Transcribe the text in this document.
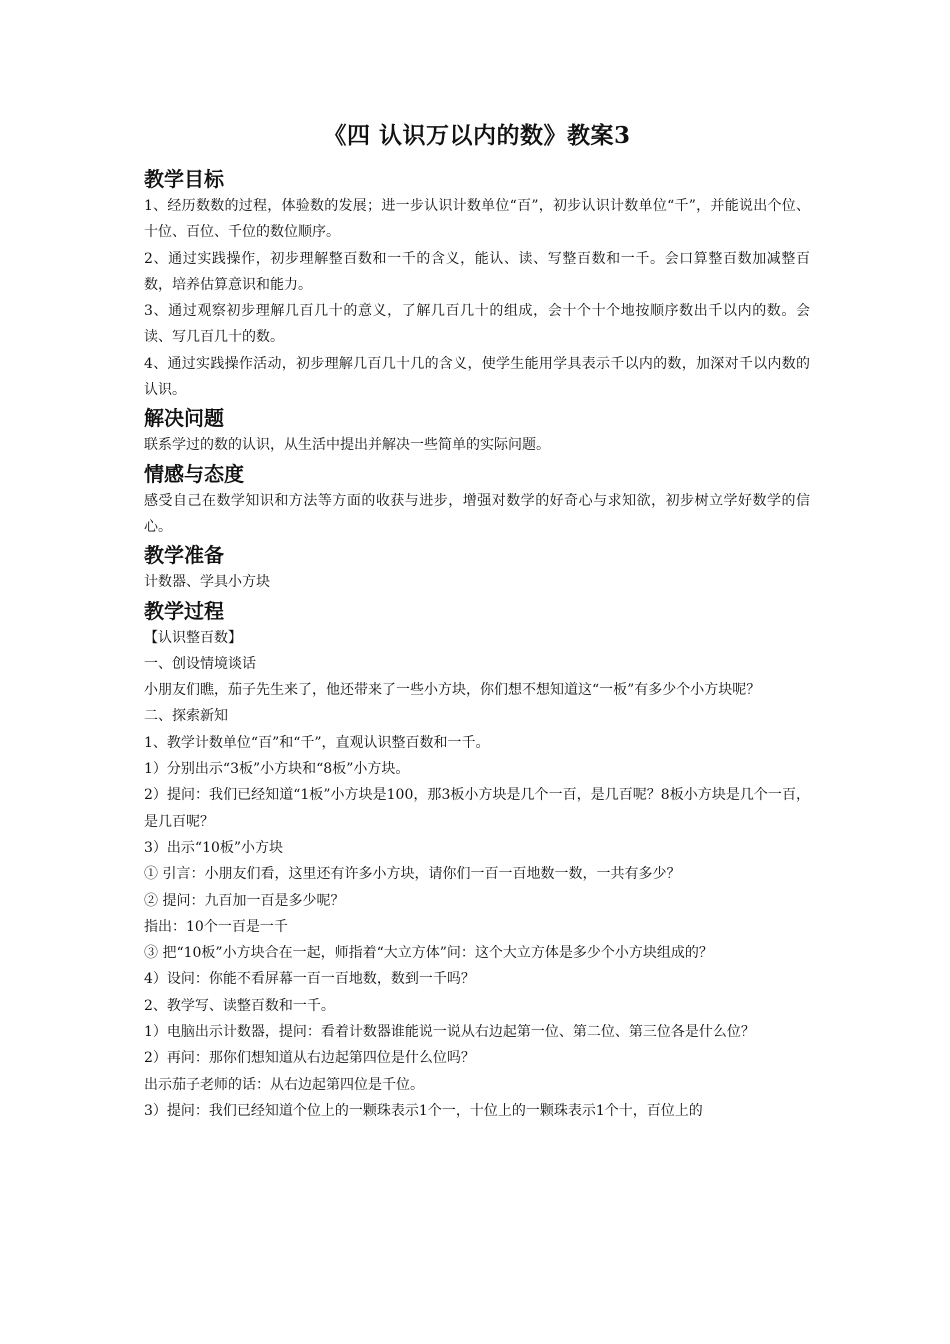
《四 认识万以内的数》教案3
教学目标

1、经历数数的过程，体验数的发展；进一步认识计数单位“百”，初步认识计数单位“千”，并能说出个位、十位、百位、千位的数位顺序。

2、通过实践操作，初步理解整百数和一千的含义，能认、读、写整百数和一千。会口算整百数加减整百数，培养估算意识和能力。

3、通过观察初步理解几百几十的意义，了解几百几十的组成，会十个十个地按顺序数出千以内的数。会读、写几百几十的数。

4、通过实践操作活动，初步理解几百几十几的含义，使学生能用学具表示千以内的数，加深对千以内数的认识。

解决问题

联系学过的数的认识，从生活中提出并解决一些简单的实际问题。

情感与态度

感受自己在数学知识和方法等方面的收获与进步，增强对数学的好奇心与求知欲，初步树立学好数学的信心。

教学准备

计数器、学具小方块

教学过程

【认识整百数】

一、创设情境谈话

小朋友们瞧，茄子先生来了，他还带来了一些小方块，你们想不想知道这“一板”有多少个小方块呢？

二、探索新知

1、教学计数单位“百”和“千”，直观认识整百数和一千。

1）分别出示“3板”小方块和“8板”小方块。

2）提问：我们已经知道“1板”小方块是100，那3板小方块是几个一百，是几百呢？8板小方块是几个一百，是几百呢？

3）出示“10板”小方块

① 引言：小朋友们看，这里还有许多小方块，请你们一百一百地数一数，一共有多少？

② 提问：九百加一百是多少呢？

指出：10个一百是一千

③ 把“10板”小方块合在一起，师指着“大立方体”问：这个大立方体是多少个小方块组成的？

4）设问：你能不看屏幕一百一百地数，数到一千吗？

2、教学写、读整百数和一千。

1）电脑出示计数器，提问：看着计数器谁能说一说从右边起第一位、第二位、第三位各是什么位？

2）再问：那你们想知道从右边起第四位是什么位吗？

出示茄子老师的话：从右边起第四位是千位。

3）提问：我们已经知道个位上的一颗珠表示1个一，十位上的一颗珠表示1个十，百位上的
